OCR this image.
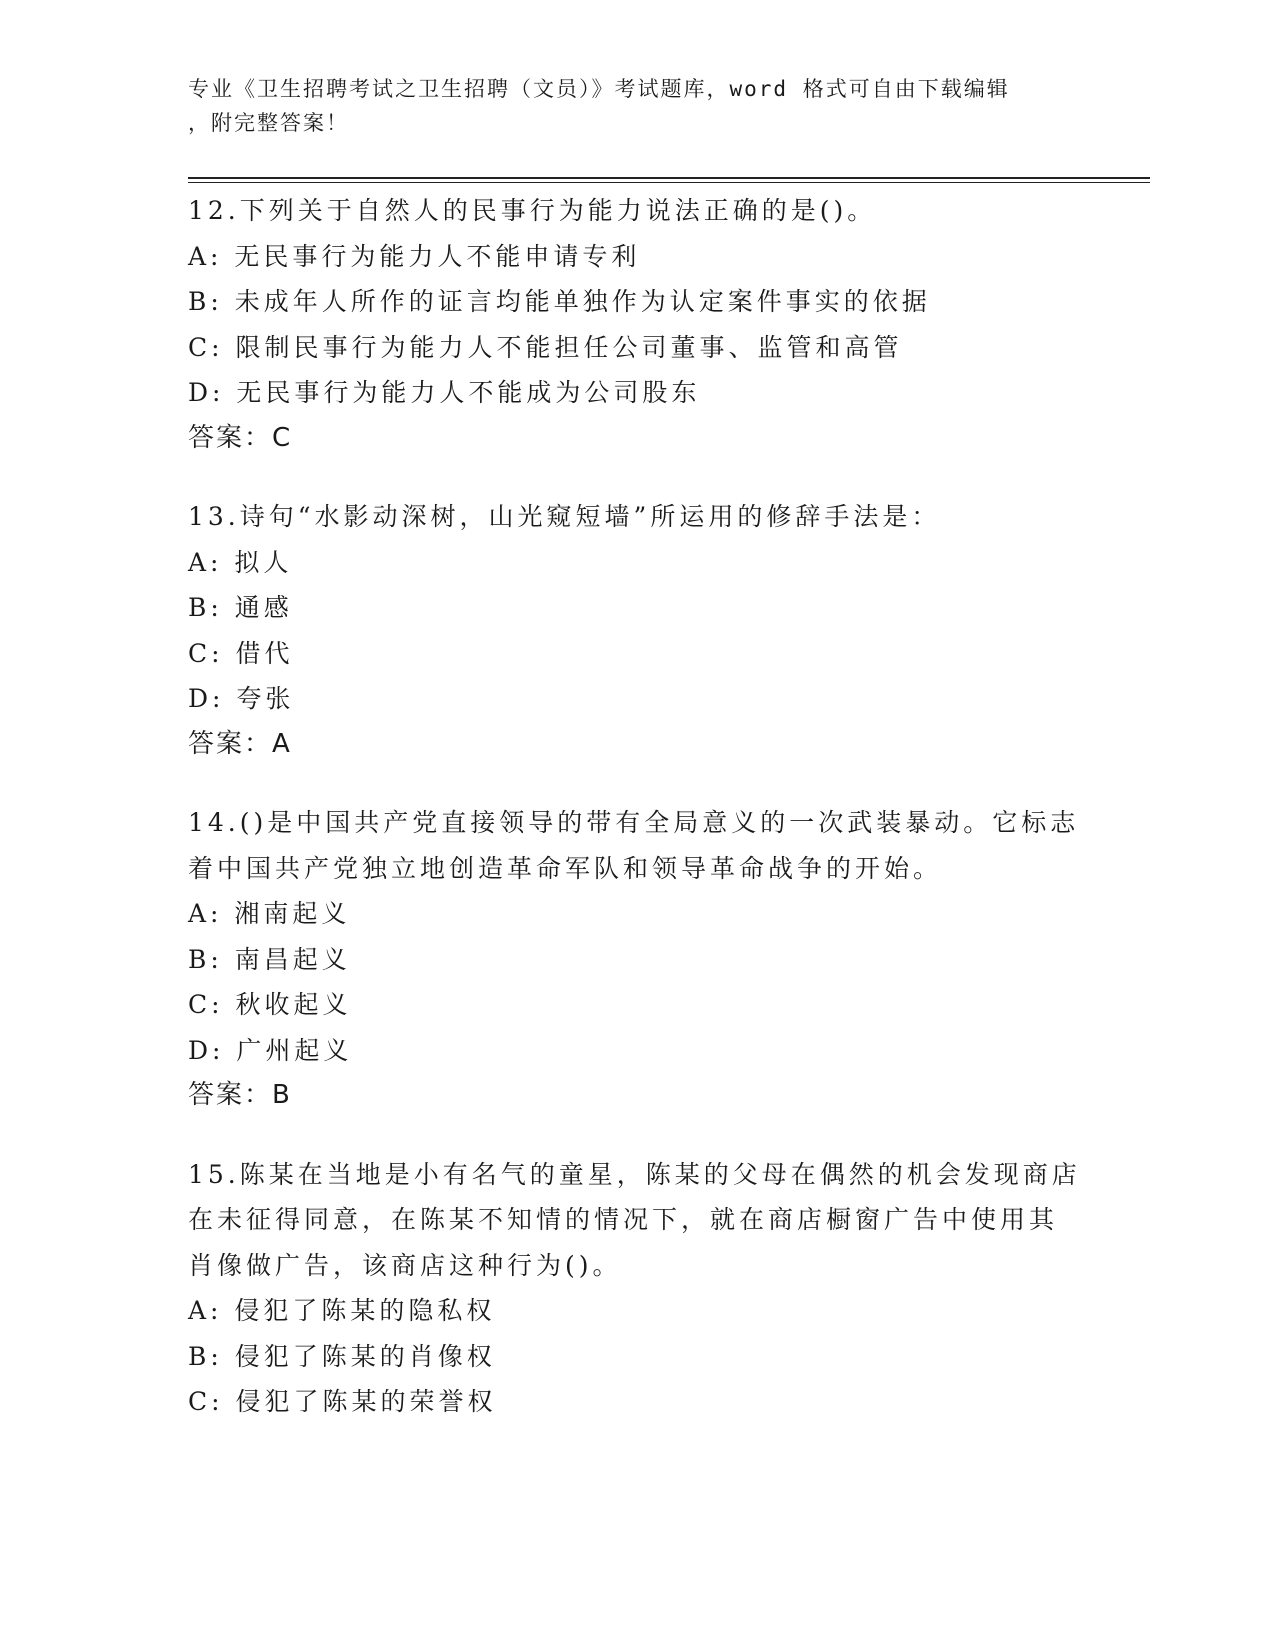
专业《卫生招聘考试之卫生招聘（文员）》考试题库，word 格式可自由下载编辑
，附完整答案！

12.下列关于自然人的民事行为能力说法正确的是()。

A: 无民事行为能力人不能申请专利

B: 未成年人所作的证言均能单独作为认定案件事实的依据

C: 限制民事行为能力人不能担任公司董事、监管和高管

D: 无民事行为能力人不能成为公司股东

答案：C

13.诗句“水影动深树，山光窥短墙”所运用的修辞手法是：

A: 拟人

B: 通感

C: 借代

D: 夸张

答案：A

14.()是中国共产党直接领导的带有全局意义的一次武装暴动。它标志

着中国共产党独立地创造革命军队和领导革命战争的开始。

A: 湘南起义

B: 南昌起义

C: 秋收起义

D: 广州起义

答案：B

15.陈某在当地是小有名气的童星，陈某的父母在偶然的机会发现商店

在未征得同意，在陈某不知情的情况下，就在商店橱窗广告中使用其

肖像做广告，该商店这种行为()。

A: 侵犯了陈某的隐私权

B: 侵犯了陈某的肖像权

C: 侵犯了陈某的荣誉权
